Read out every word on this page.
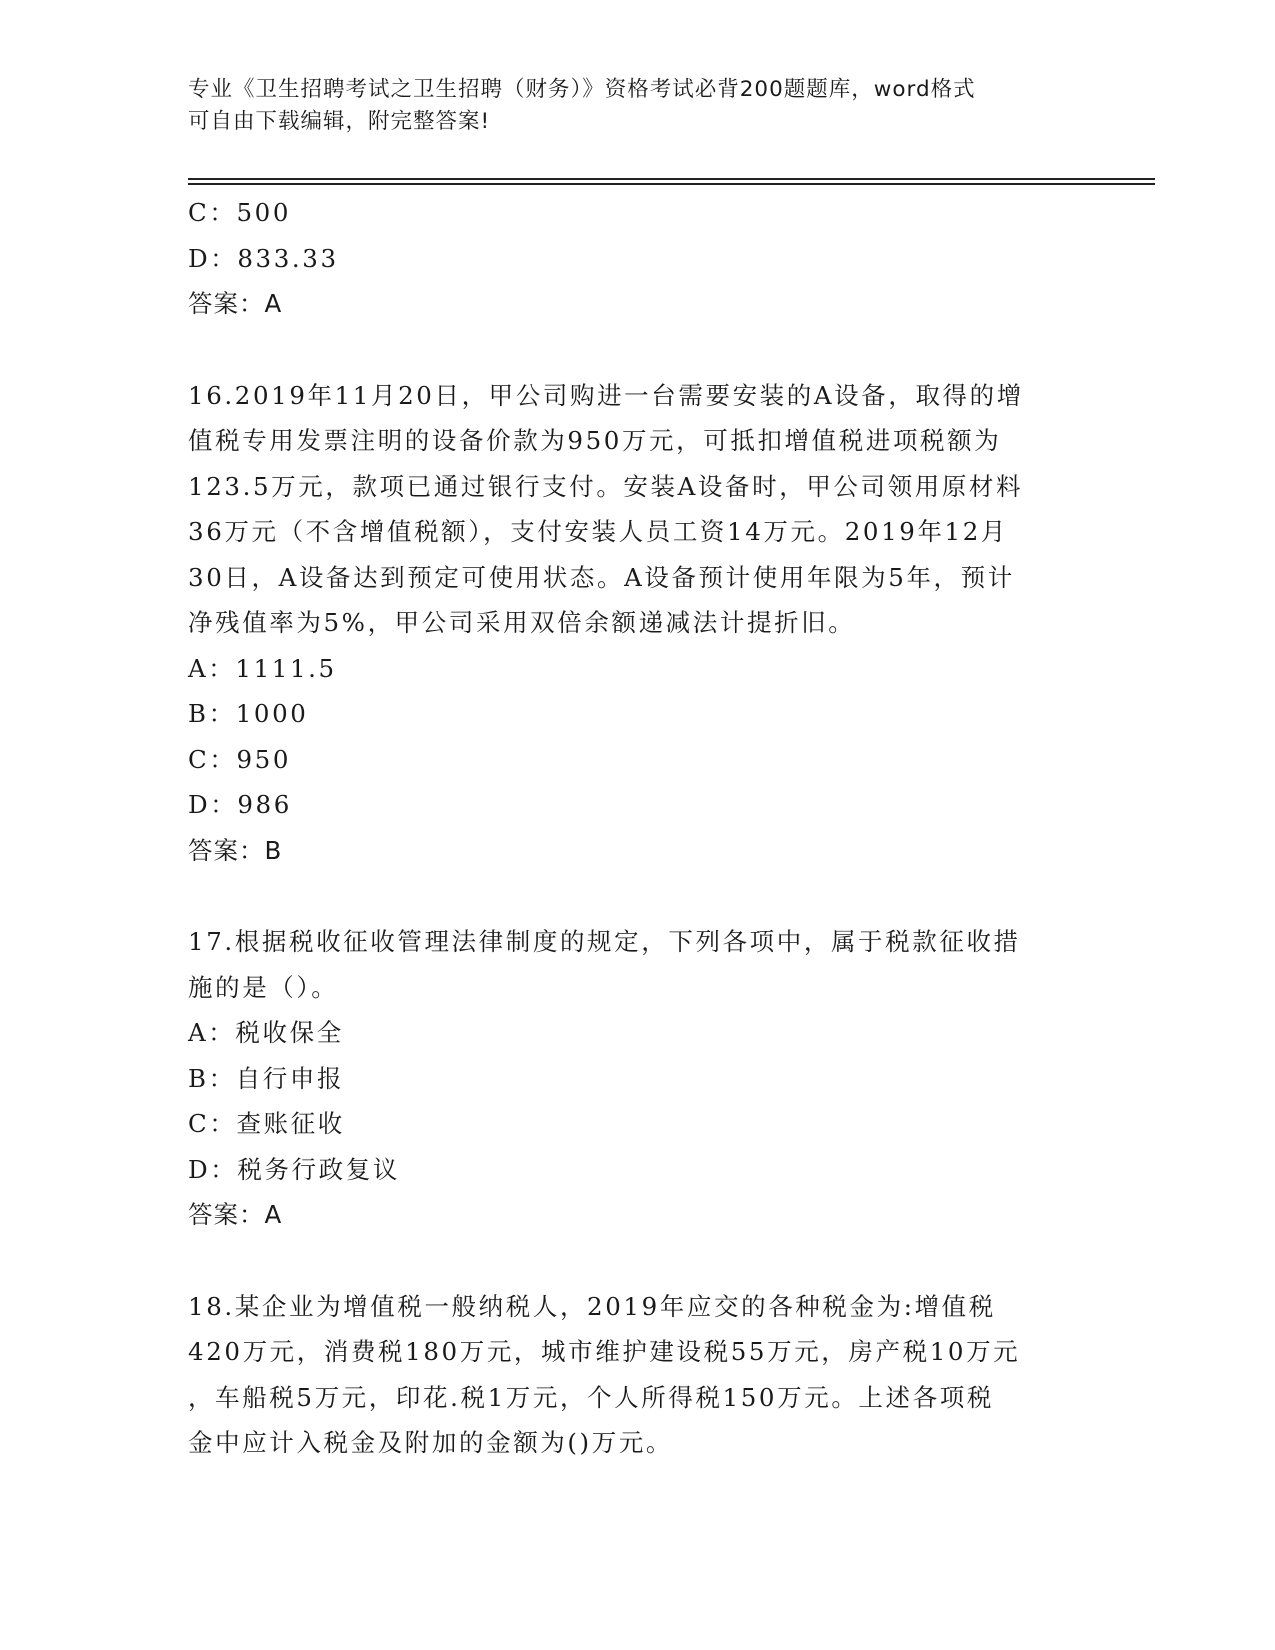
专业《卫生招聘考试之卫生招聘（财务）》资格考试必背200题题库，word格式
可自由下载编辑，附完整答案!
C：500
D：833.33
答案：A
16.2019年11月20日，甲公司购进一台需要安装的A设备，取得的增
值税专用发票注明的设备价款为950万元，可抵扣增值税进项税额为
123.5万元，款项已通过银行支付。安装A设备时，甲公司领用原材料
36万元（不含增值税额），支付安装人员工资14万元。2019年12月
30日，A设备达到预定可使用状态。A设备预计使用年限为5年，预计
净残值率为5%，甲公司采用双倍余额递减法计提折旧。
A：1111.5
B：1000
C：950
D：986
答案：B
17.根据税收征收管理法律制度的规定，下列各项中，属于税款征收措
施的是（）。
A：税收保全
B：自行申报
C：查账征收
D：税务行政复议
答案：A
18.某企业为增值税一般纳税人，2019年应交的各种税金为:增值税
420万元，消费税180万元，城市维护建设税55万元，房产税10万元
，车船税5万元，印花.税1万元，个人所得税150万元。上述各项税
金中应计入税金及附加的金额为()万元。
